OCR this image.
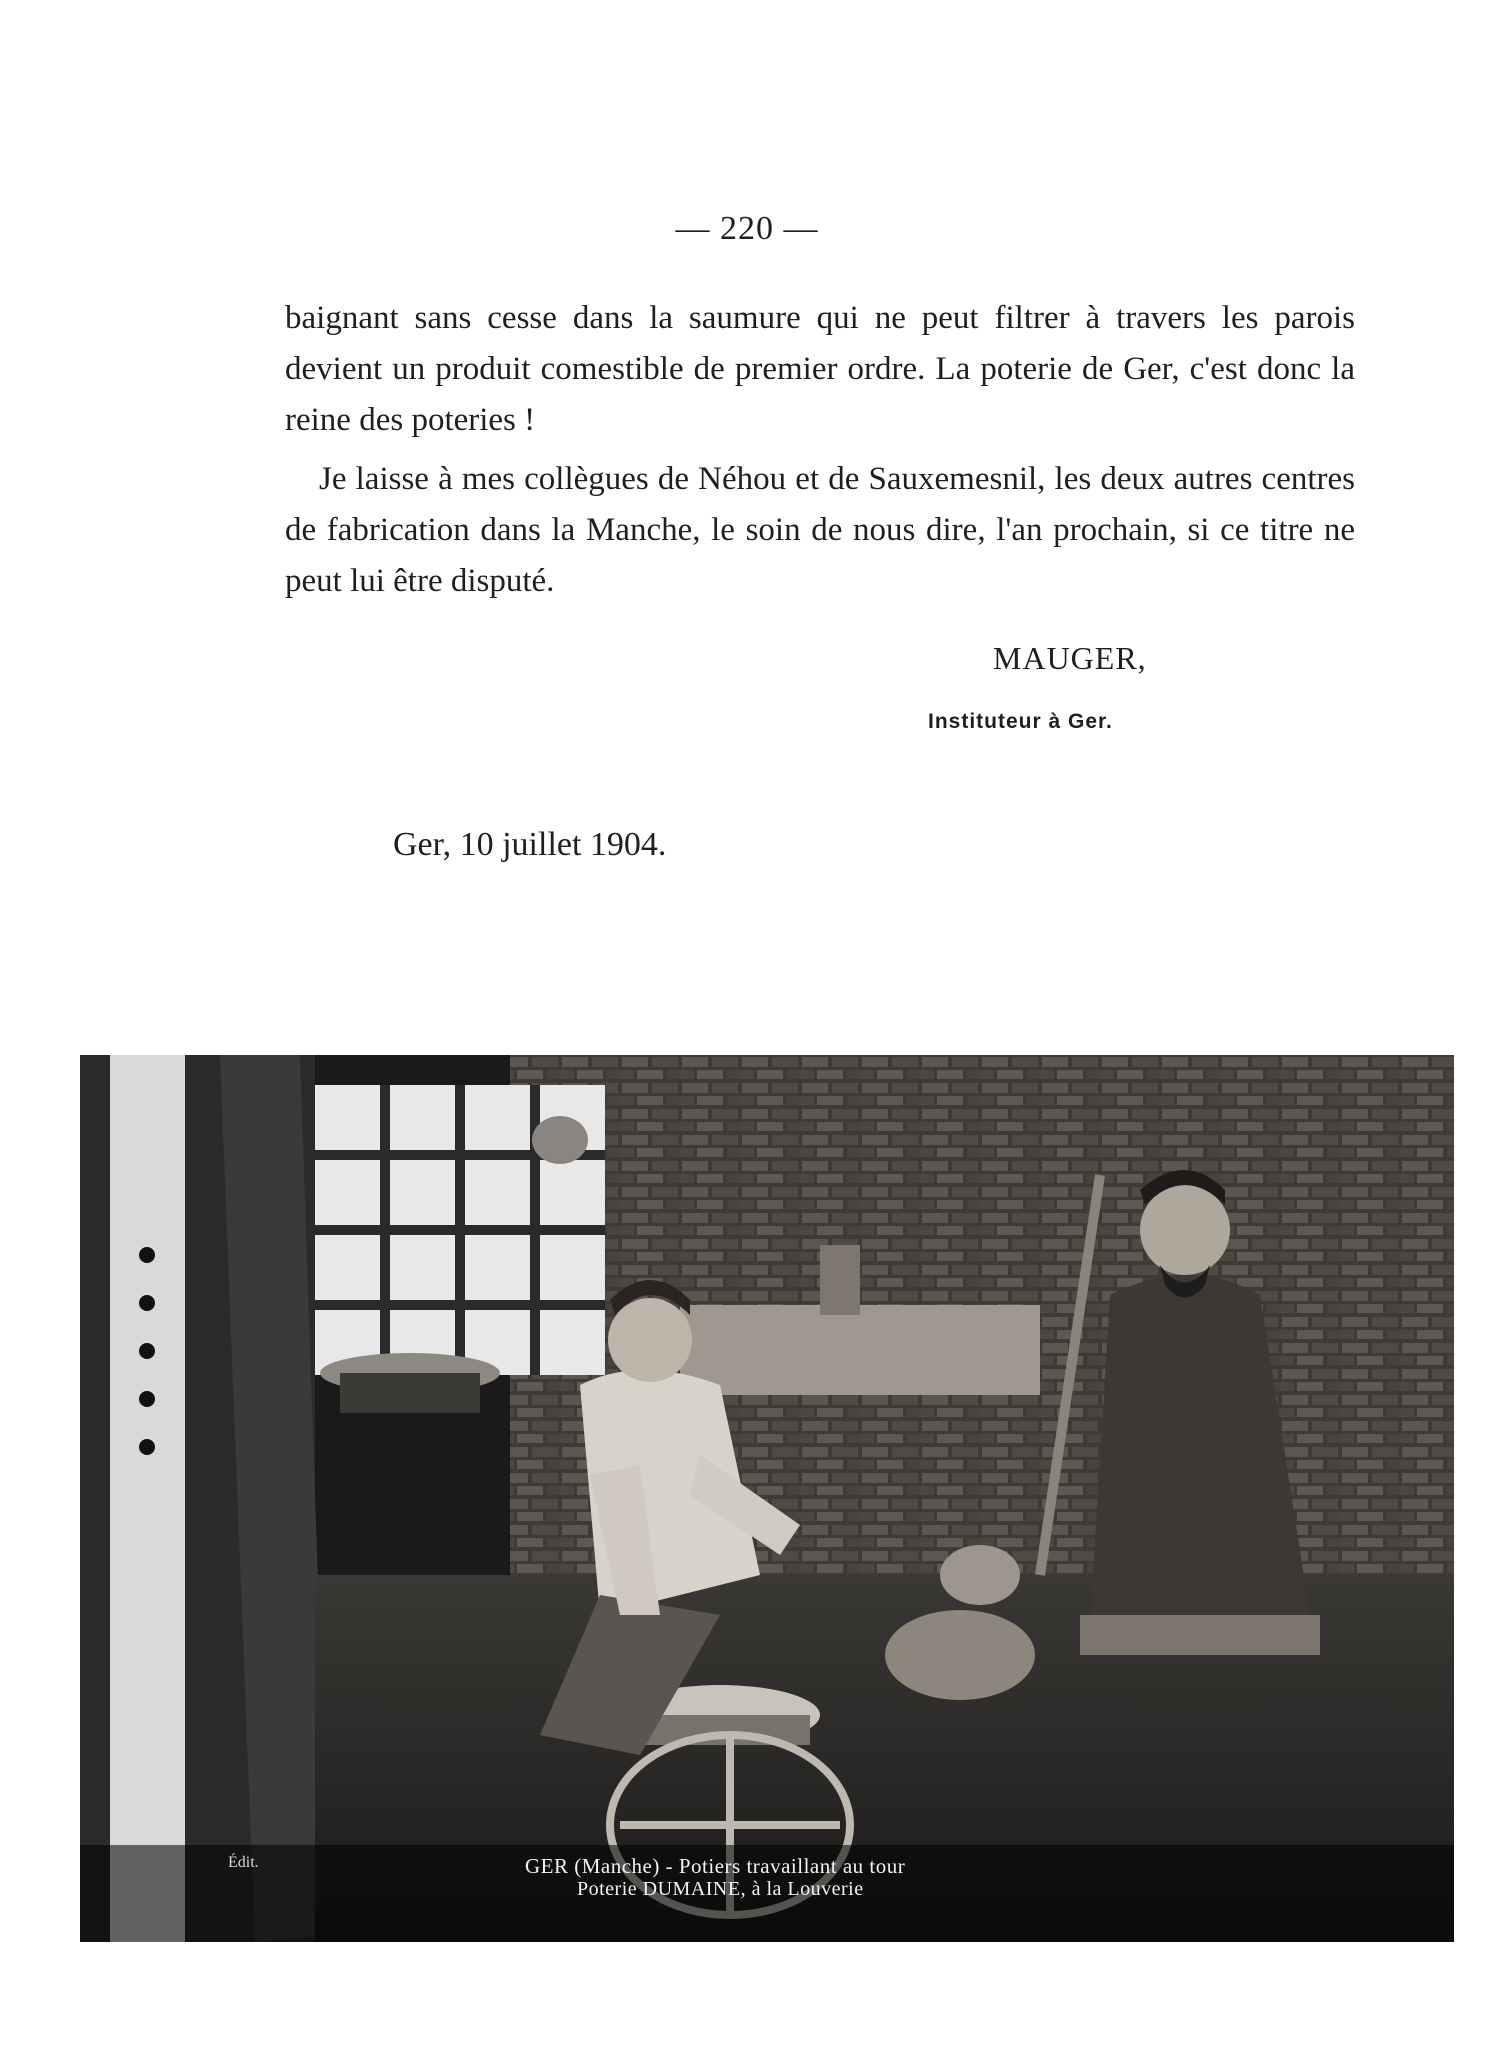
— 220 —

baignant sans cesse dans la saumure qui ne peut filtrer à travers les parois devient un produit comestible de premier ordre. La poterie de Ger, c'est donc la reine des poteries !

Je laisse à mes collègues de Néhou et de Sauxemesnil, les deux autres centres de fabrication dans la Manche, le soin de nous dire, l'an prochain, si ce titre ne peut lui être disputé.

MAUGER,
Instituteur à Ger.
Ger, 10 juillet 1904.
Édit.	GER (Manche) - Potiers travaillant au tour
Poterie DUMAINE, à la Louverie
